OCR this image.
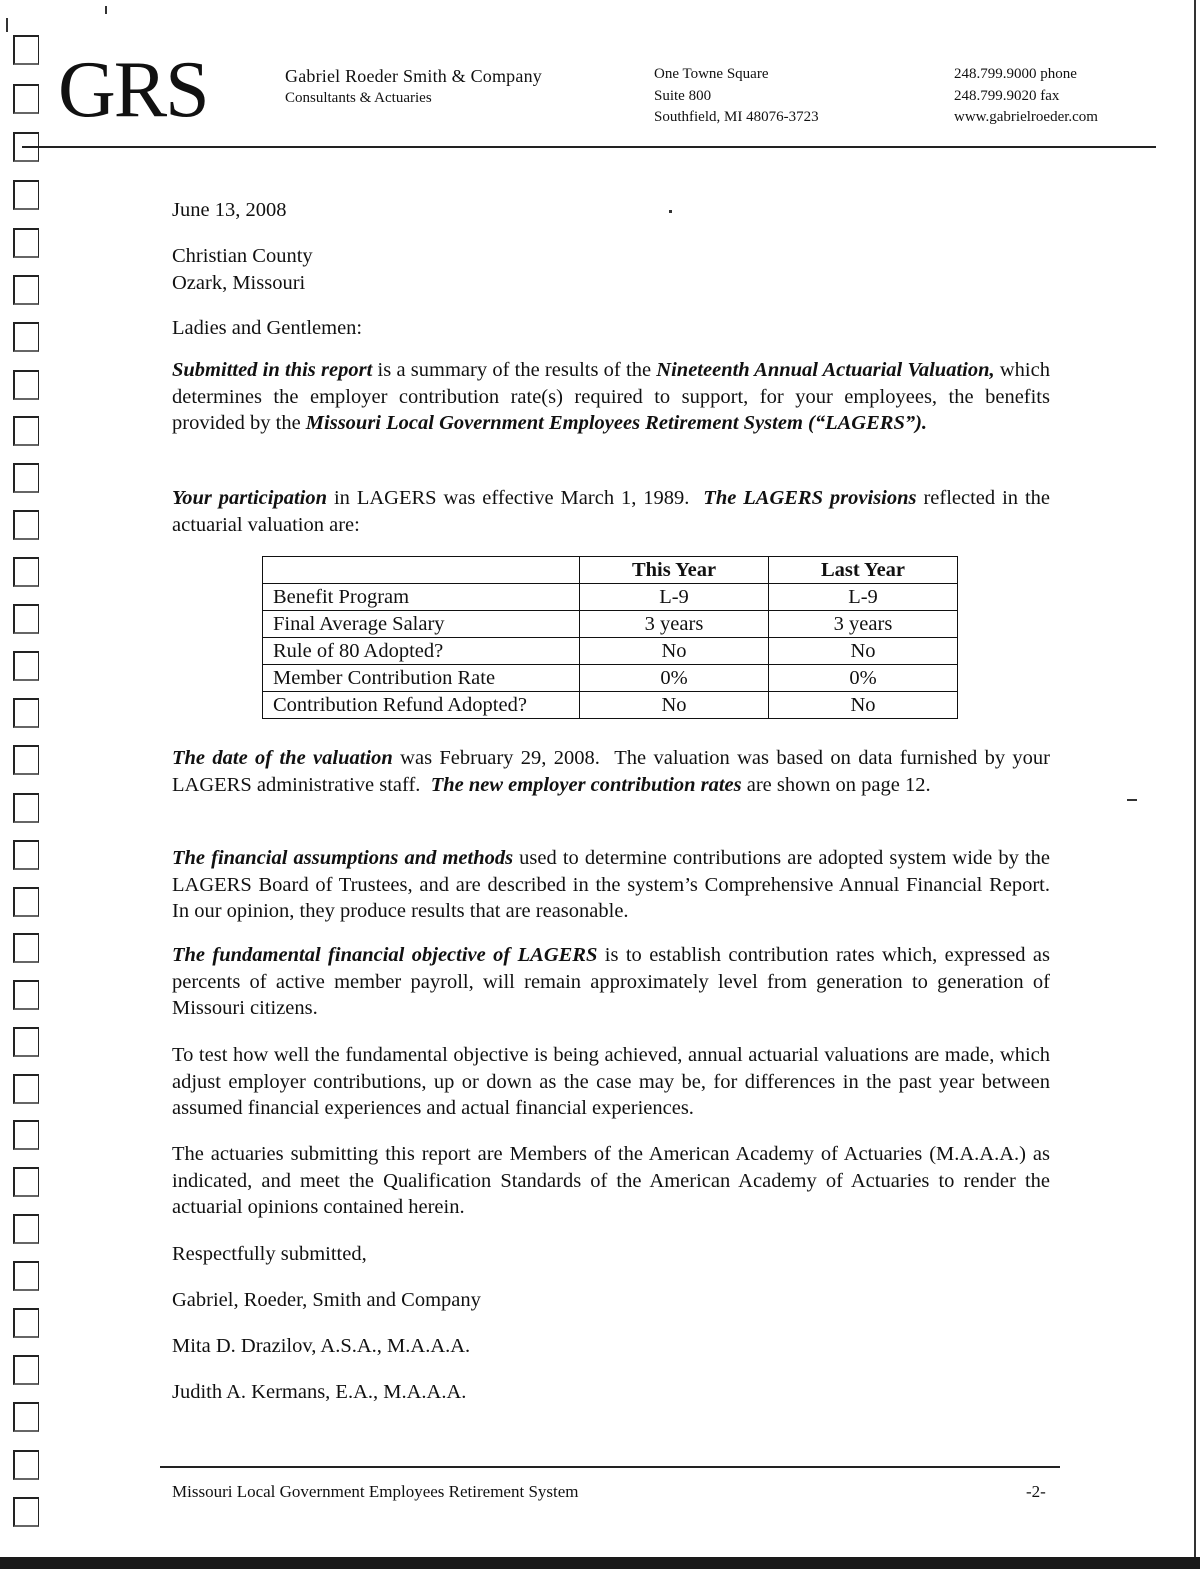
GRS	Gabriel Roeder Smith & Company
Consultants & Actuaries
One Towne Square
Suite 800
Southfield, MI 48076-3723
248.799.9000 phone
248.799.9020 fax
www.gabrielroeder.com
June 13, 2008
Christian County
Ozark, Missouri
Ladies and Gentlemen:
Submitted in this report is a summary of the results of the Nineteenth Annual Actuarial Valuation, which determines the employer contribution rate(s) required to support, for your employees, the benefits provided by the Missouri Local Government Employees Retirement System (“LAGERS”).
Your participation in LAGERS was effective March 1, 1989.  The LAGERS provisions reflected in the actuarial valuation are:
	This Year	Last Year
Benefit Program	L-9	L-9
Final Average Salary	3 years	3 years
Rule of 80 Adopted?	No	No
Member Contribution Rate	0%	0%
Contribution Refund Adopted?	No	No
The date of the valuation was February 29, 2008.  The valuation was based on data furnished by your LAGERS administrative staff.  The new employer contribution rates are shown on page 12.
The financial assumptions and methods used to determine contributions are adopted system wide by the LAGERS Board of Trustees, and are described in the system’s Comprehensive Annual Financial Report.  In our opinion, they produce results that are reasonable.
The fundamental financial objective of LAGERS is to establish contribution rates which, expressed as percents of active member payroll, will remain approximately level from generation to generation of Missouri citizens.
To test how well the fundamental objective is being achieved, annual actuarial valuations are made, which adjust employer contributions, up or down as the case may be, for differences in the past year between assumed financial experiences and actual financial experiences.
The actuaries submitting this report are Members of the American Academy of Actuaries (M.A.A.A.) as indicated, and meet the Qualification Standards of the American Academy of Actuaries to render the actuarial opinions contained herein.
Respectfully submitted,
Gabriel, Roeder, Smith and Company
Mita D. Drazilov, A.S.A., M.A.A.A.
Judith A. Kermans, E.A., M.A.A.A.
Missouri Local Government Employees Retirement System	-2-
